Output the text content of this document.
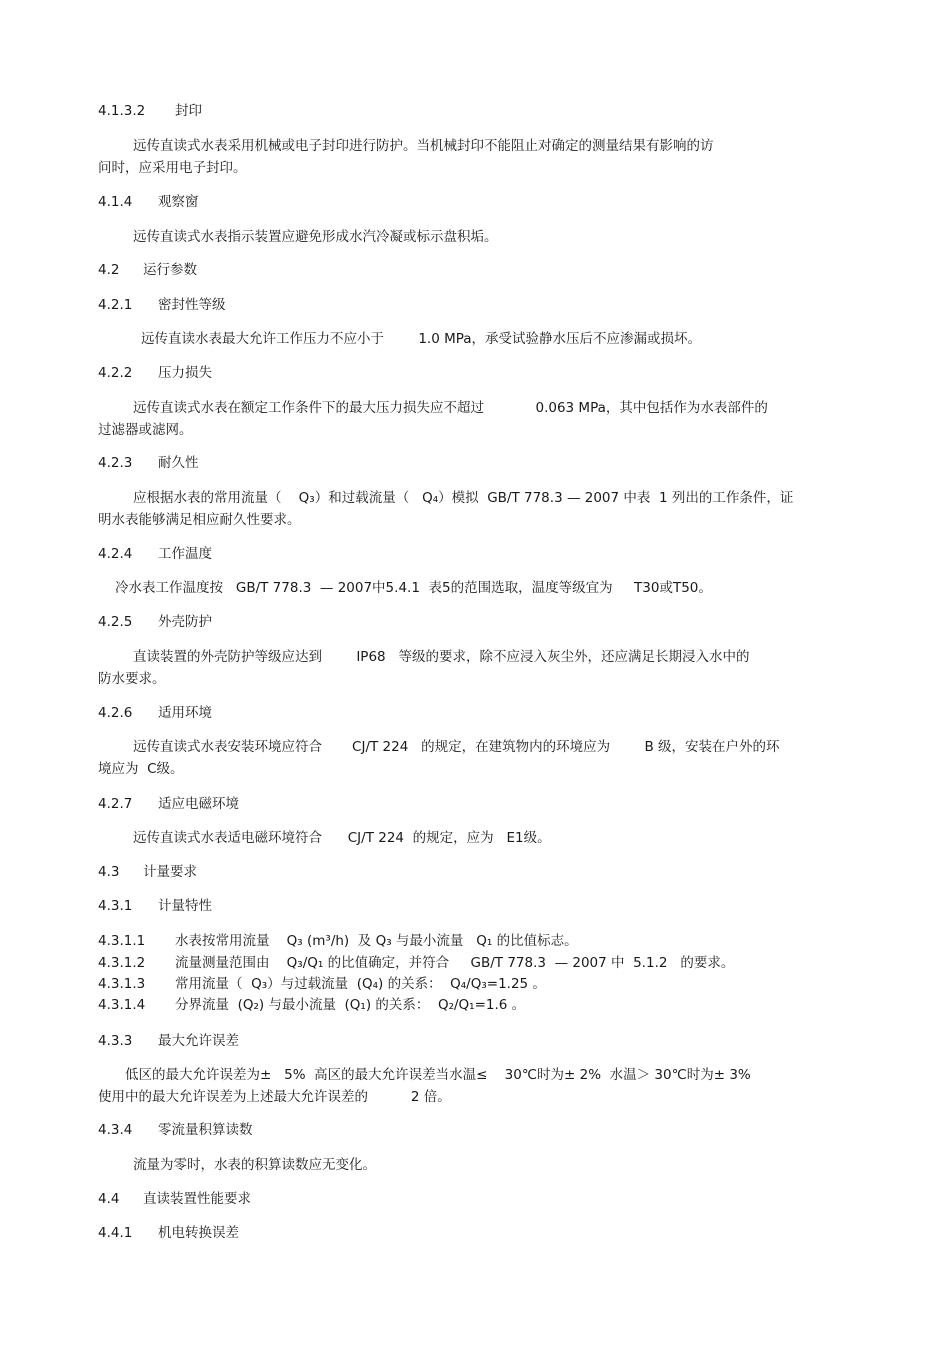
4.1.3.2 封印
远传直读式水表采用机械或电子封印进行防护。当机械封印不能阻止对确定的测量结果有影响的访
问时，应采用电子封印。
4.1.4 观察窗
远传直读式水表指示装置应避免形成水汽冷凝或标示盘积垢。
4.2 运行参数
4.2.1 密封性等级
远传直读水表最大允许工作压力不应小于        1.0 MPa，承受试验静水压后不应渗漏或损坏。
4.2.2 压力损失
远传直读式水表在额定工作条件下的最大压力损失应不超过            0.063 MPa，其中包括作为水表部件的
过滤器或滤网。
4.2.3 耐久性
应根据水表的常用流量（    Q₃）和过载流量（   Q₄）模拟  GB/T 778.3 — 2007 中表  1 列出的工作条件，证
明水表能够满足相应耐久性要求。
4.2.4 工作温度
冷水表工作温度按   GB/T 778.3  — 2007中5.4.1  表5的范围选取，温度等级宜为     T30或T50。
4.2.5 外壳防护
直读装置的外壳防护等级应达到        IP68   等级的要求，除不应浸入灰尘外，还应满足长期浸入水中的
防水要求。
4.2.6 适用环境
远传直读式水表安装环境应符合       CJ/T 224   的规定，在建筑物内的环境应为        B 级，安装在户外的环
境应为  C级。
4.2.7 适应电磁环境
远传直读式水表适电磁环境符合      CJ/T 224  的规定，应为   E1级。
4.3 计量要求
4.3.1 计量特性
4.3.1.1 水表按常用流量    Q₃ (m³/h)  及 Q₃ 与最小流量   Q₁ 的比值标志。
4.3.1.2 流量测量范围由    Q₃/Q₁ 的比值确定，并符合     GB/T 778.3  — 2007 中  5.1.2   的要求。
4.3.1.3 常用流量（  Q₃）与过载流量  (Q₄) 的关系：  Q₄/Q₃=1.25 。
4.3.1.4 分界流量  (Q₂) 与最小流量  (Q₁) 的关系：  Q₂/Q₁=1.6 。
4.3.3 最大允许误差
低区的最大允许误差为±   5%  高区的最大允许误差当水温≤    30℃时为± 2%  水温＞ 30℃时为± 3%
使用中的最大允许误差为上述最大允许误差的          2 倍。
4.3.4 零流量积算读数
流量为零时，水表的积算读数应无变化。
4.4 直读装置性能要求
4.4.1 机电转换误差
